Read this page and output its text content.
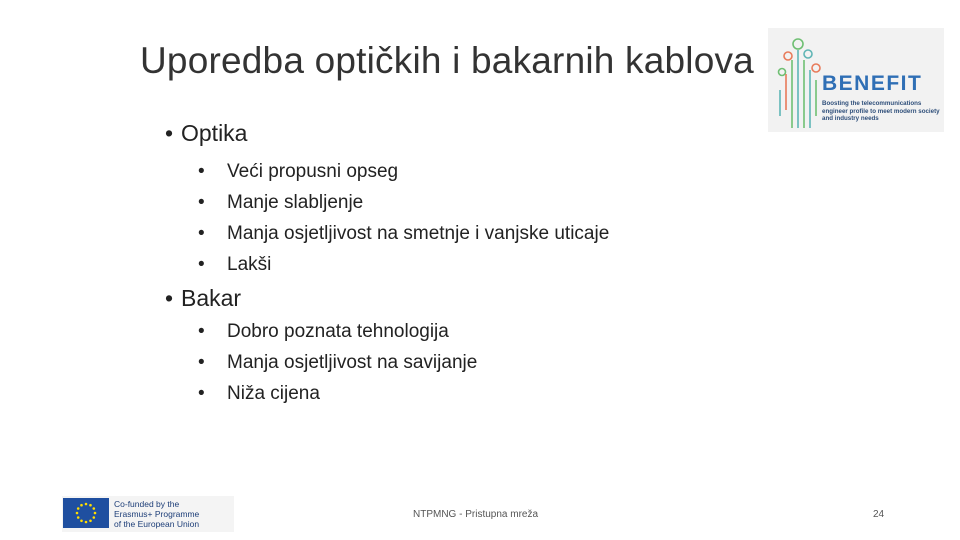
Uporedba optičkih i bakarnih kablova
BENEFIT
Boosting the telecommunications engineer profile to meet modern society and industry needs
• Optika
• Veći propusni opseg
• Manje slabljenje
• Manja osjetljivost na smetnje i vanjske uticaje
• Lakši
• Bakar
• Dobro poznata tehnologija
• Manja osjetljivost na savijanje
• Niža cijena
Co-funded by the
Erasmus+ Programme
of the European Union
NTPMNG - Pristupna mreža	24
